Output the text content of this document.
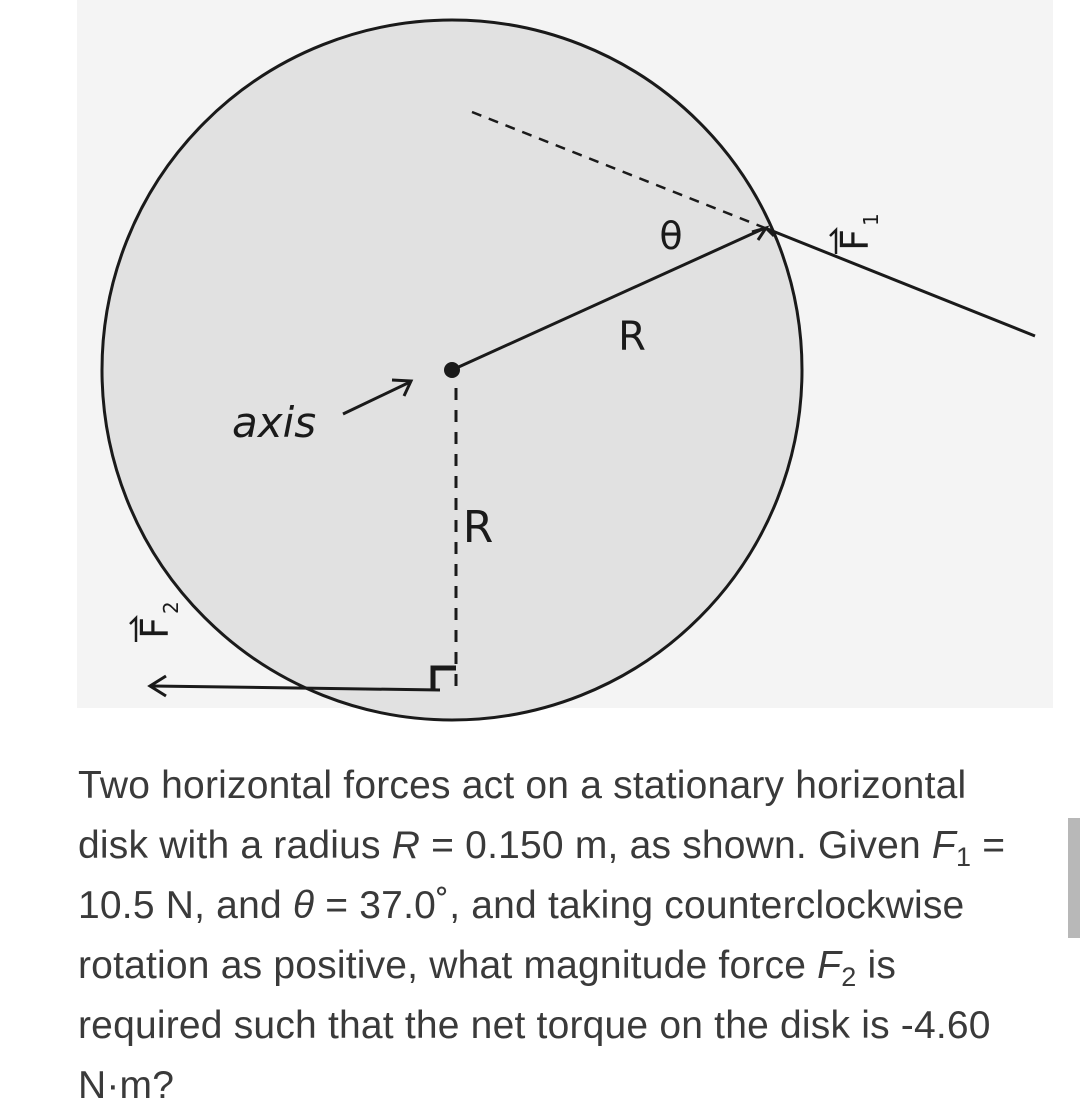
θ
R
R
axis
F
1
F
2
Two horizontal forces act on a stationary horizontal disk with a radius R = 0.150 m, as shown. Given $F_1 = 10.5$ N, and θ = 37.0˚, and taking counterclockwise rotation as positive, what magnitude force $F_2$ is required such that the net torque on the disk is -4.60 N·m?
